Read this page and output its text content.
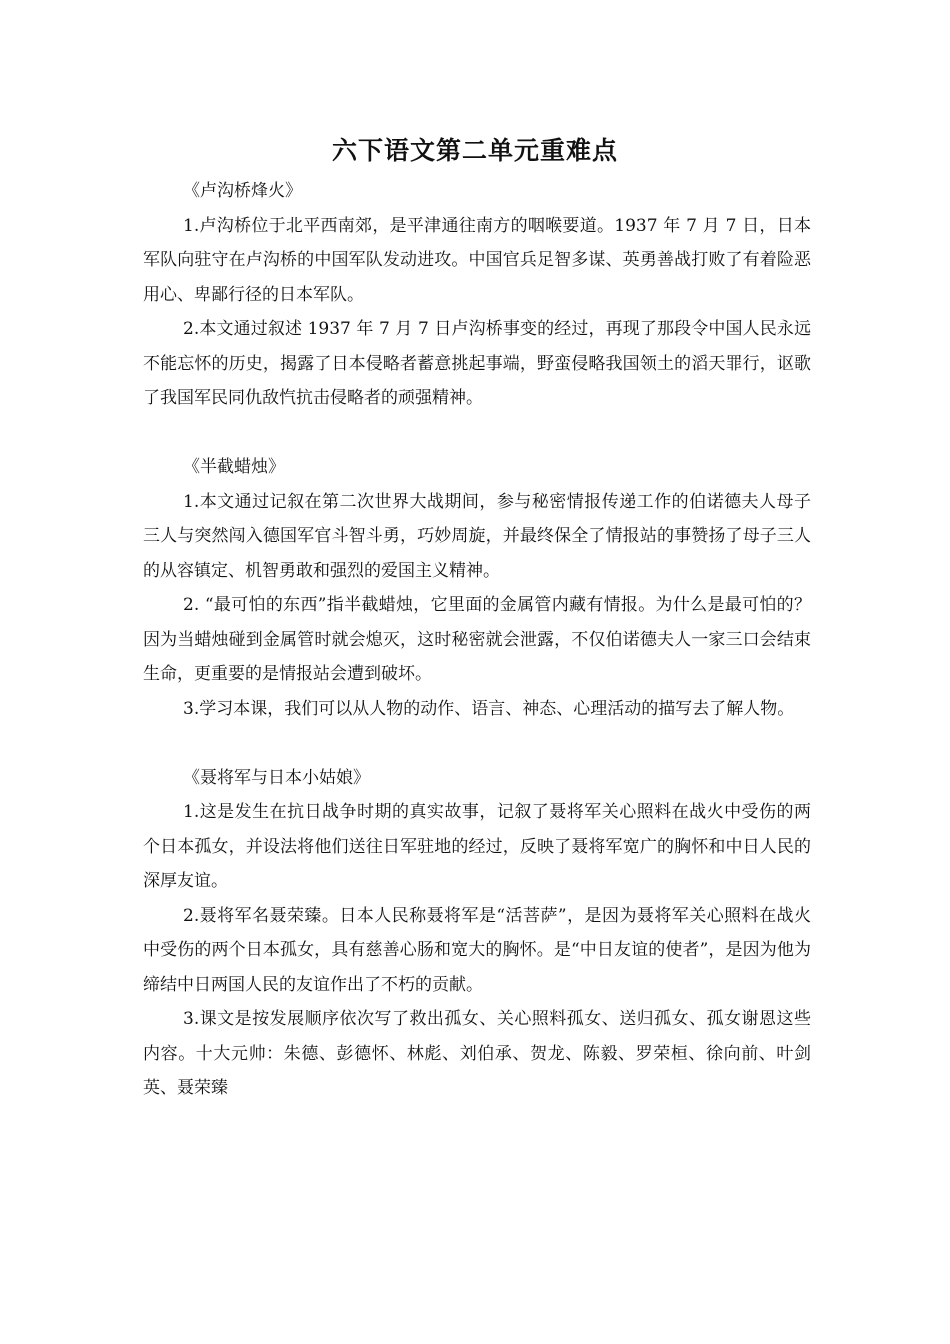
六下语文第二单元重难点

《卢沟桥烽火》

1.卢沟桥位于北平西南郊，是平津通往南方的咽喉要道。1937 年 7 月 7 日，日本军队向驻守在卢沟桥的中国军队发动进攻。中国官兵足智多谋、英勇善战打败了有着险恶用心、卑鄙行径的日本军队。

2.本文通过叙述 1937 年 7 月 7 日卢沟桥事变的经过，再现了那段令中国人民永远不能忘怀的历史，揭露了日本侵略者蓄意挑起事端，野蛮侵略我国领土的滔天罪行，讴歌了我国军民同仇敌忾抗击侵略者的顽强精神。

《半截蜡烛》

1.本文通过记叙在第二次世界大战期间，参与秘密情报传递工作的伯诺德夫人母子三人与突然闯入德国军官斗智斗勇，巧妙周旋，并最终保全了情报站的事赞扬了母子三人的从容镇定、机智勇敢和强烈的爱国主义精神。

2. “最可怕的东西”指半截蜡烛，它里面的金属管内藏有情报。为什么是最可怕的？因为当蜡烛碰到金属管时就会熄灭，这时秘密就会泄露，不仅伯诺德夫人一家三口会结束生命，更重要的是情报站会遭到破坏。

3.学习本课，我们可以从人物的动作、语言、神态、心理活动的描写去了解人物。

《聂将军与日本小姑娘》

1.这是发生在抗日战争时期的真实故事，记叙了聂将军关心照料在战火中受伤的两个日本孤女，并设法将他们送往日军驻地的经过，反映了聂将军宽广的胸怀和中日人民的深厚友谊。

2.聂将军名聂荣臻。日本人民称聂将军是“活菩萨”，是因为聂将军关心照料在战火中受伤的两个日本孤女，具有慈善心肠和宽大的胸怀。是“中日友谊的使者”，是因为他为缔结中日两国人民的友谊作出了不朽的贡献。

3.课文是按发展顺序依次写了救出孤女、关心照料孤女、送归孤女、孤女谢恩这些内容。十大元帅：朱德、彭德怀、林彪、刘伯承、贺龙、陈毅、罗荣桓、徐向前、叶剑英、聂荣臻
